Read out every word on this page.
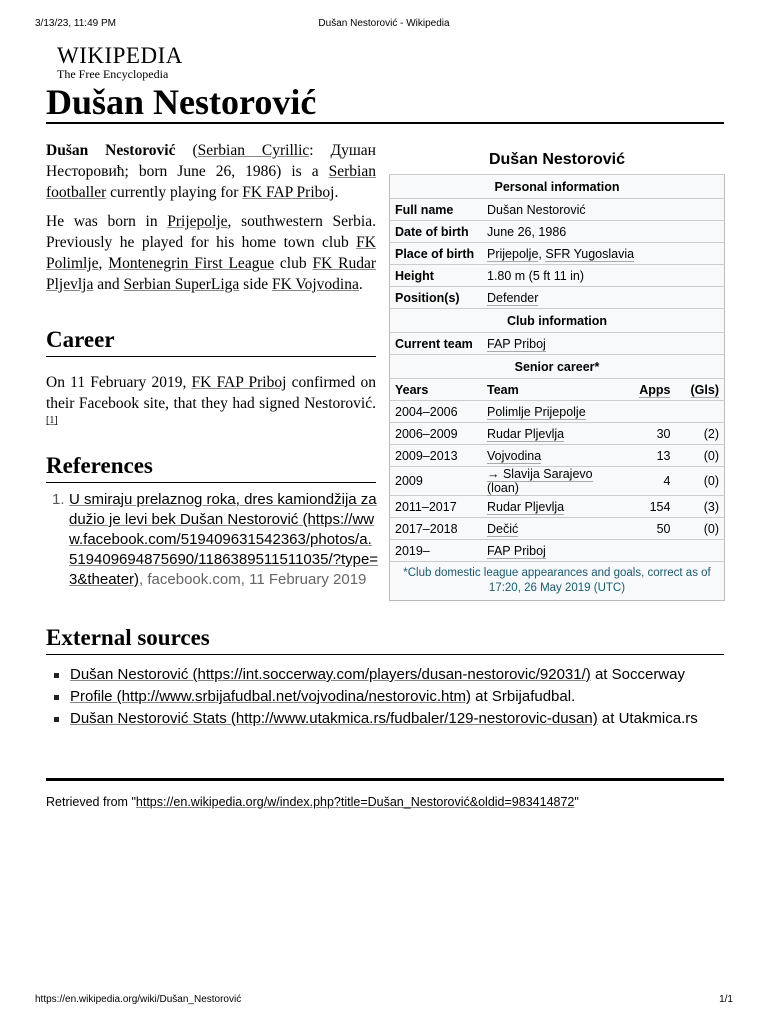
3/13/23, 11:49 PM	Dušan Nestorović - Wikipedia
WIKIPEDIA
The Free Encyclopedia
Dušan Nestorović

Dušan Nestorović (Serbian Cyrillic: Душан Несторовић; born June 26, 1986) is a Serbian footballer currently playing for FK FAP Priboj.

He was born in Prijepolje, southwestern Serbia. Previously he played for his home town club FK Polimlje, Montenegrin First League club FK Rudar Pljevlja and Serbian SuperLiga side FK Vojvodina.

Career

On 11 February 2019, FK FAP Priboj confirmed on their Facebook site, that they had signed Nestorović.[1]

References
1. U smiraju prelaznog roka, dres kamiondžija zadužio je levi bek Dušan Nestorović (https://www.facebook.com/519409631542363/photos/a.519409694875690/1186389511511035/?type=3&theater), facebook.com, 11 February 2019
External sources
Dušan Nestorović (https://int.soccerway.com/players/dusan-nestorovic/92031/) at Soccerway
Profile (http://www.srbijafudbal.net/vojvodina/nestorovic.htm) at Srbijafudbal.
Dušan Nestorović Stats (http://www.utakmica.rs/fudbaler/129-nestorovic-dusan) at Utakmica.rs
Retrieved from "https://en.wikipedia.org/w/index.php?title=Dušan_Nestorović&oldid=983414872"
Dušan Nestorović
Personal information			
Full name	Dušan Nestorović		
Date of birth	June 26, 1986		
Place of birth	Prijepolje, SFR Yugoslavia		
Height	1.80 m (5 ft 11 in)		
Position(s)	Defender		
Club information			
Current team	FAP Priboj		
Senior career*			
Years	Team	Apps	(Gls)
2004–2006	Polimlje Prijepolje		
2006–2009	Rudar Pljevlja	30	(2)
2009–2013	Vojvodina	13	(0)
2009	→ Slavija Sarajevo (loan)	4	(0)
2011–2017	Rudar Pljevlja	154	(3)
2017–2018	Dečić	50	(0)
2019–	FAP Priboj		
*Club domestic league appearances and goals, correct as of 17:20, 26 May 2019 (UTC)			
https://en.wikipedia.org/wiki/Dušan_Nestorović	1/1
